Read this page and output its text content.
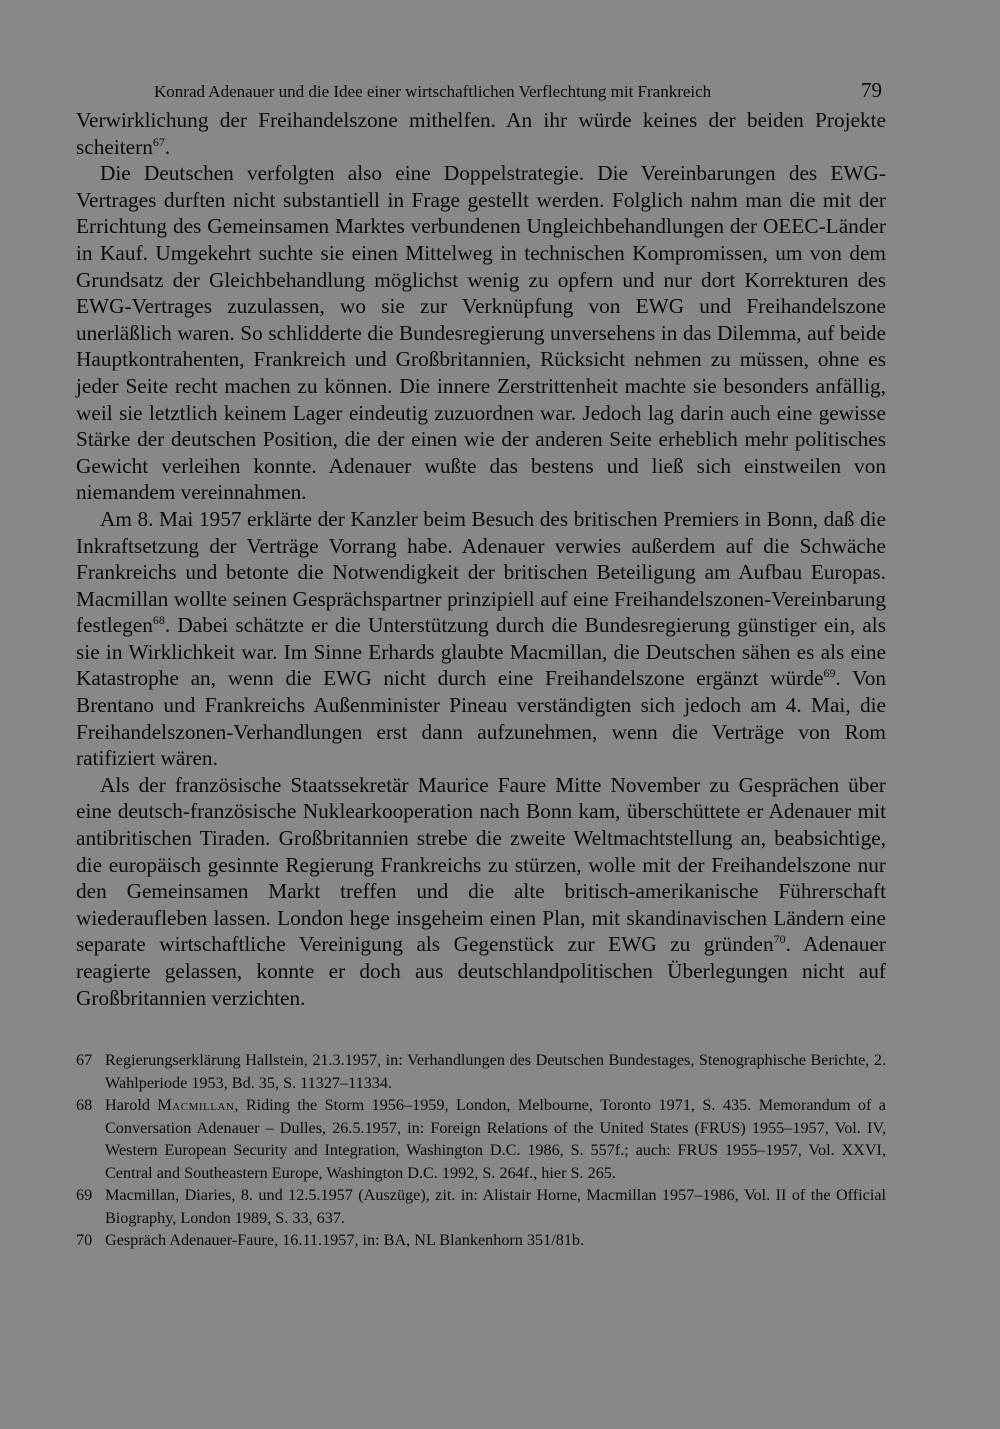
Konrad Adenauer und die Idee einer wirtschaftlichen Verflechtung mit Frankreich	79

Verwirklichung der Freihandelszone mithelfen. An ihr würde keines der beiden Projekte scheitern$^{67}$.

Die Deutschen verfolgten also eine Doppelstrategie. Die Vereinbarungen des EWG-Vertrages durften nicht substantiell in Frage gestellt werden. Folglich nahm man die mit der Errichtung des Gemeinsamen Marktes verbundenen Ungleichbehandlungen der OEEC-Länder in Kauf. Umgekehrt suchte sie einen Mittelweg in technischen Kompromissen, um von dem Grundsatz der Gleichbehandlung möglichst wenig zu opfern und nur dort Korrekturen des EWG-Vertrages zuzulassen, wo sie zur Verknüpfung von EWG und Freihandelszone unerläßlich waren. So schlidderte die Bundesregierung unversehens in das Dilemma, auf beide Hauptkontrahenten, Frankreich und Großbritannien, Rücksicht nehmen zu müssen, ohne es jeder Seite recht machen zu können. Die innere Zerstrittenheit machte sie besonders anfällig, weil sie letztlich keinem Lager eindeutig zuzuordnen war. Jedoch lag darin auch eine gewisse Stärke der deutschen Position, die der einen wie der anderen Seite erheblich mehr politisches Gewicht verleihen konnte. Adenauer wußte das bestens und ließ sich einstweilen von niemandem vereinnahmen.

Am 8. Mai 1957 erklärte der Kanzler beim Besuch des britischen Premiers in Bonn, daß die Inkraftsetzung der Verträge Vorrang habe. Adenauer verwies außerdem auf die Schwäche Frankreichs und betonte die Notwendigkeit der britischen Beteiligung am Aufbau Europas. Macmillan wollte seinen Gesprächspartner prinzipiell auf eine Freihandelszonen-Vereinbarung festlegen$^{68}$. Dabei schätzte er die Unterstützung durch die Bundesregierung günstiger ein, als sie in Wirklichkeit war. Im Sinne Erhards glaubte Macmillan, die Deutschen sähen es als eine Katastrophe an, wenn die EWG nicht durch eine Freihandelszone ergänzt würde$^{69}$. Von Brentano und Frankreichs Außenminister Pineau verständigten sich jedoch am 4. Mai, die Freihandelszonen-Verhandlungen erst dann aufzunehmen, wenn die Verträge von Rom ratifiziert wären.

Als der französische Staatssekretär Maurice Faure Mitte November zu Gesprächen über eine deutsch-französische Nuklearkooperation nach Bonn kam, überschüttete er Adenauer mit antibritischen Tiraden. Großbritannien strebe die zweite Weltmachtstellung an, beabsichtige, die europäisch gesinnte Regierung Frankreichs zu stürzen, wolle mit der Freihandelszone nur den Gemeinsamen Markt treffen und die alte britisch-amerikanische Führerschaft wiederaufleben lassen. London hege insgeheim einen Plan, mit skandinavischen Ländern eine separate wirtschaftliche Vereinigung als Gegenstück zur EWG zu gründen$^{70}$. Adenauer reagierte gelassen, konnte er doch aus deutschlandpolitischen Überlegungen nicht auf Großbritannien verzichten.

67 Regierungserklärung Hallstein, 21.3.1957, in: Verhandlungen des Deutschen Bundestages, Stenographische Berichte, 2. Wahlperiode 1953, Bd. 35, S. 11327–11334.
68 Harold Macmillan, Riding the Storm 1956–1959, London, Melbourne, Toronto 1971, S. 435. Memorandum of a Conversation Adenauer – Dulles, 26.5.1957, in: Foreign Relations of the United States (FRUS) 1955–1957, Vol. IV, Western European Security and Integration, Washington D.C. 1986, S. 557f.; auch: FRUS 1955–1957, Vol. XXVI, Central and Southeastern Europe, Washington D.C. 1992, S. 264f., hier S. 265.
69 Macmillan, Diaries, 8. und 12.5.1957 (Auszüge), zit. in: Alistair Horne, Macmillan 1957–1986, Vol. II of the Official Biography, London 1989, S. 33, 637.
70 Gespräch Adenauer-Faure, 16.11.1957, in: BA, NL Blankenhorn 351/81b.
